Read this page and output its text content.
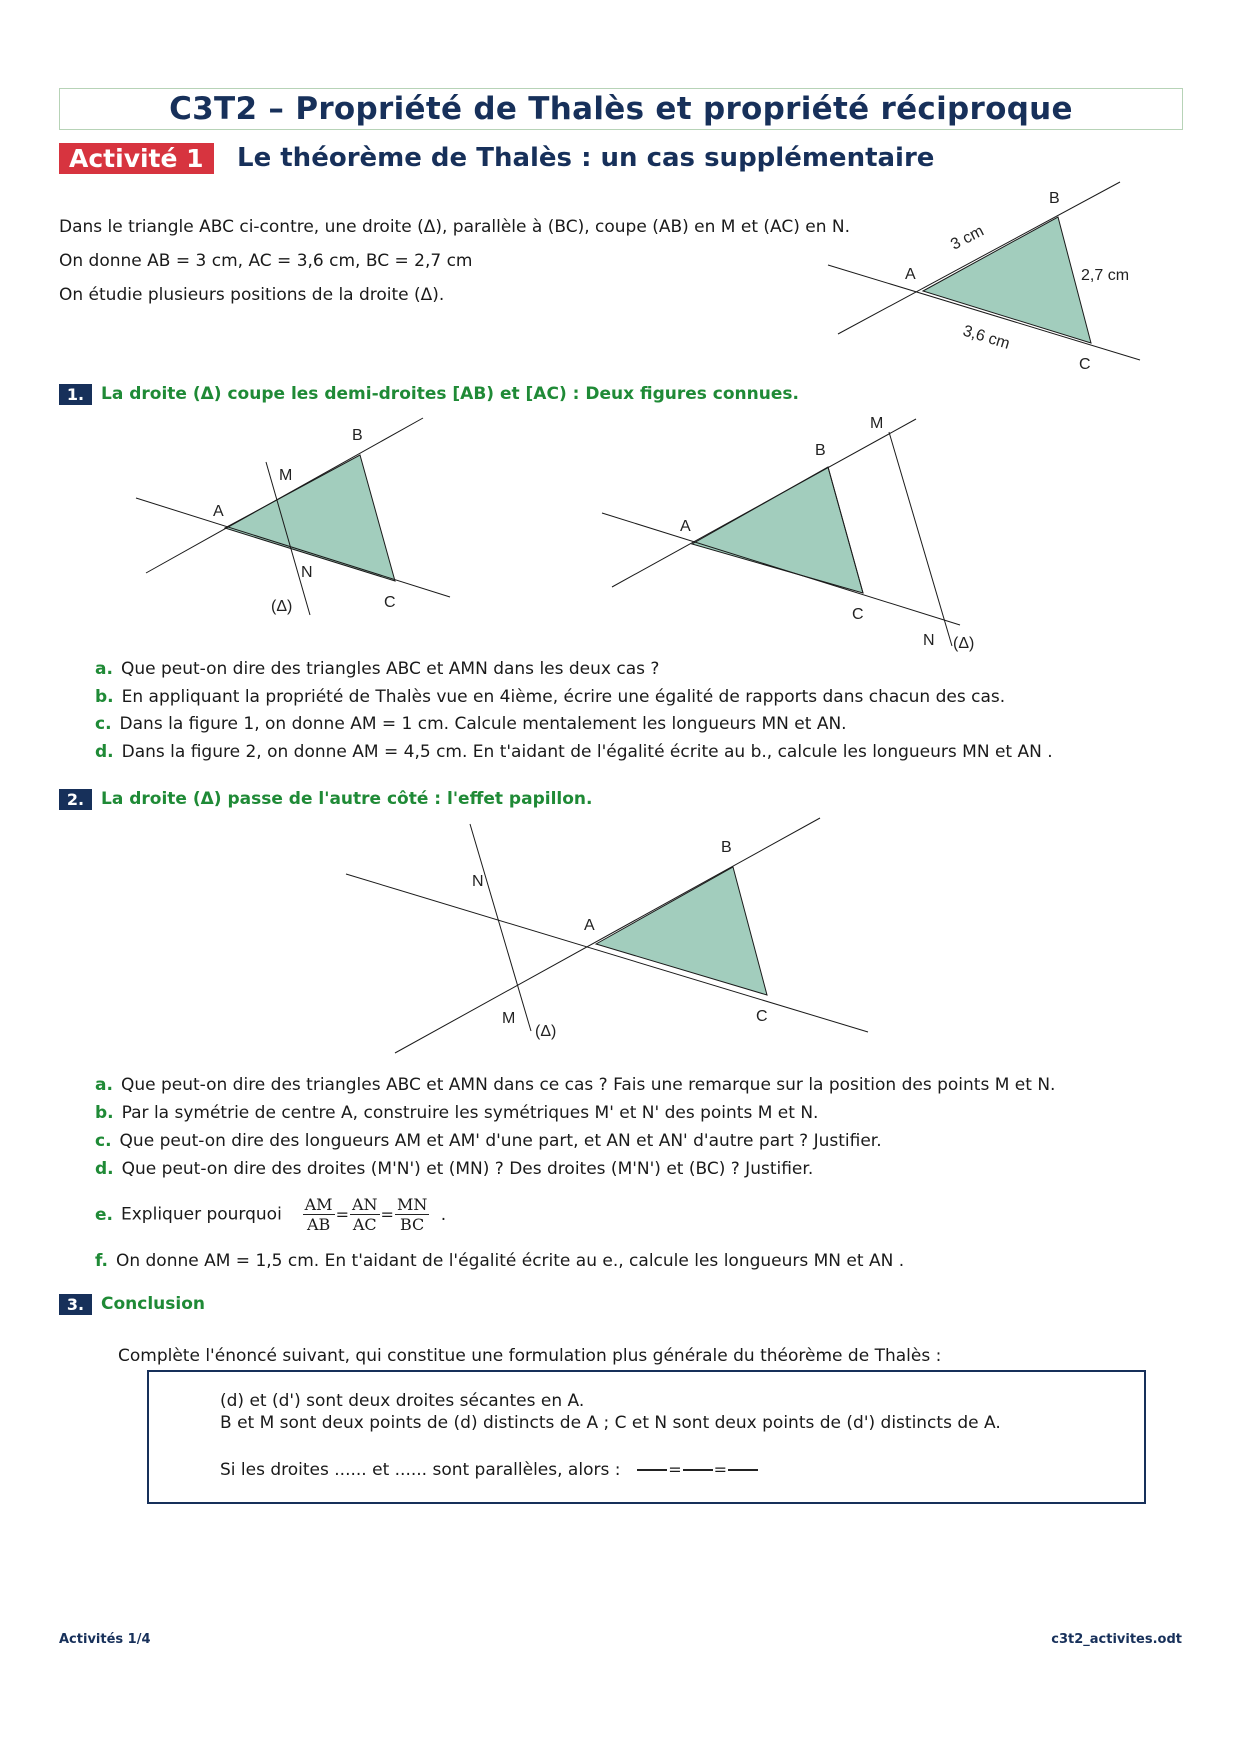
C3T2 – Propriété de Thalès et propriété réciproque
Activité 1	Le théorème de Thalès : un cas supplémentaire
Dans le triangle ABC ci-contre, une droite (Δ), parallèle à (BC), coupe (AB) en M et (AC) en N.
On donne AB = 3 cm, AC = 3,6 cm, BC = 2,7 cm
On étudie plusieurs positions de la droite (Δ).
B
A
C
3 cm
2,7 cm
3,6 cm
1. La droite (Δ) coupe les demi-droites [AB) et [AC) : Deux figures connues.
B
M
A
N
(Δ)	C
M
B
A
C
N (Δ)
a. Que peut-on dire des triangles ABC et AMN dans les deux cas ?
b. En appliquant la propriété de Thalès vue en 4ième, écrire une égalité de rapports dans chacun des cas.
c. Dans la figure 1, on donne AM = 1 cm. Calcule mentalement les longueurs MN et AN.
d. Dans la figure 2, on donne AM = 4,5 cm. En t'aidant de l'égalité écrite au b., calcule les longueurs MN et AN .
2. La droite (Δ) passe de l'autre côté : l'effet papillon.
B
N
A
C
M
(Δ)
a. Que peut-on dire des triangles ABC et AMN dans ce cas ? Fais une remarque sur la position des points M et N.
b. Par la symétrie de centre A, construire les symétriques M' et N' des points M et N.
c. Que peut-on dire des longueurs AM et AM' d'une part, et AN et AN' d'autre part ? Justifier.
d. Que peut-on dire des droites (M'N') et (MN) ? Des droites (M'N') et (BC) ? Justifier.
e. Expliquer pourquoi $\frac{AM}{AB} = \frac{AN}{AC} = \frac{MN}{BC}$ .
f. On donne AM = 1,5 cm. En t'aidant de l'égalité écrite au e., calcule les longueurs MN et AN .
3. Conclusion
Complète l'énoncé suivant, qui constitue une formulation plus générale du théorème de Thalès :
(d) et (d') sont deux droites sécantes en A.
B et M sont deux points de (d) distincts de A ; C et N sont deux points de (d') distincts de A.
Si les droites ...... et ...... sont parallèles, alors :	= =
Activités 1/4	c3t2_activites.odt
